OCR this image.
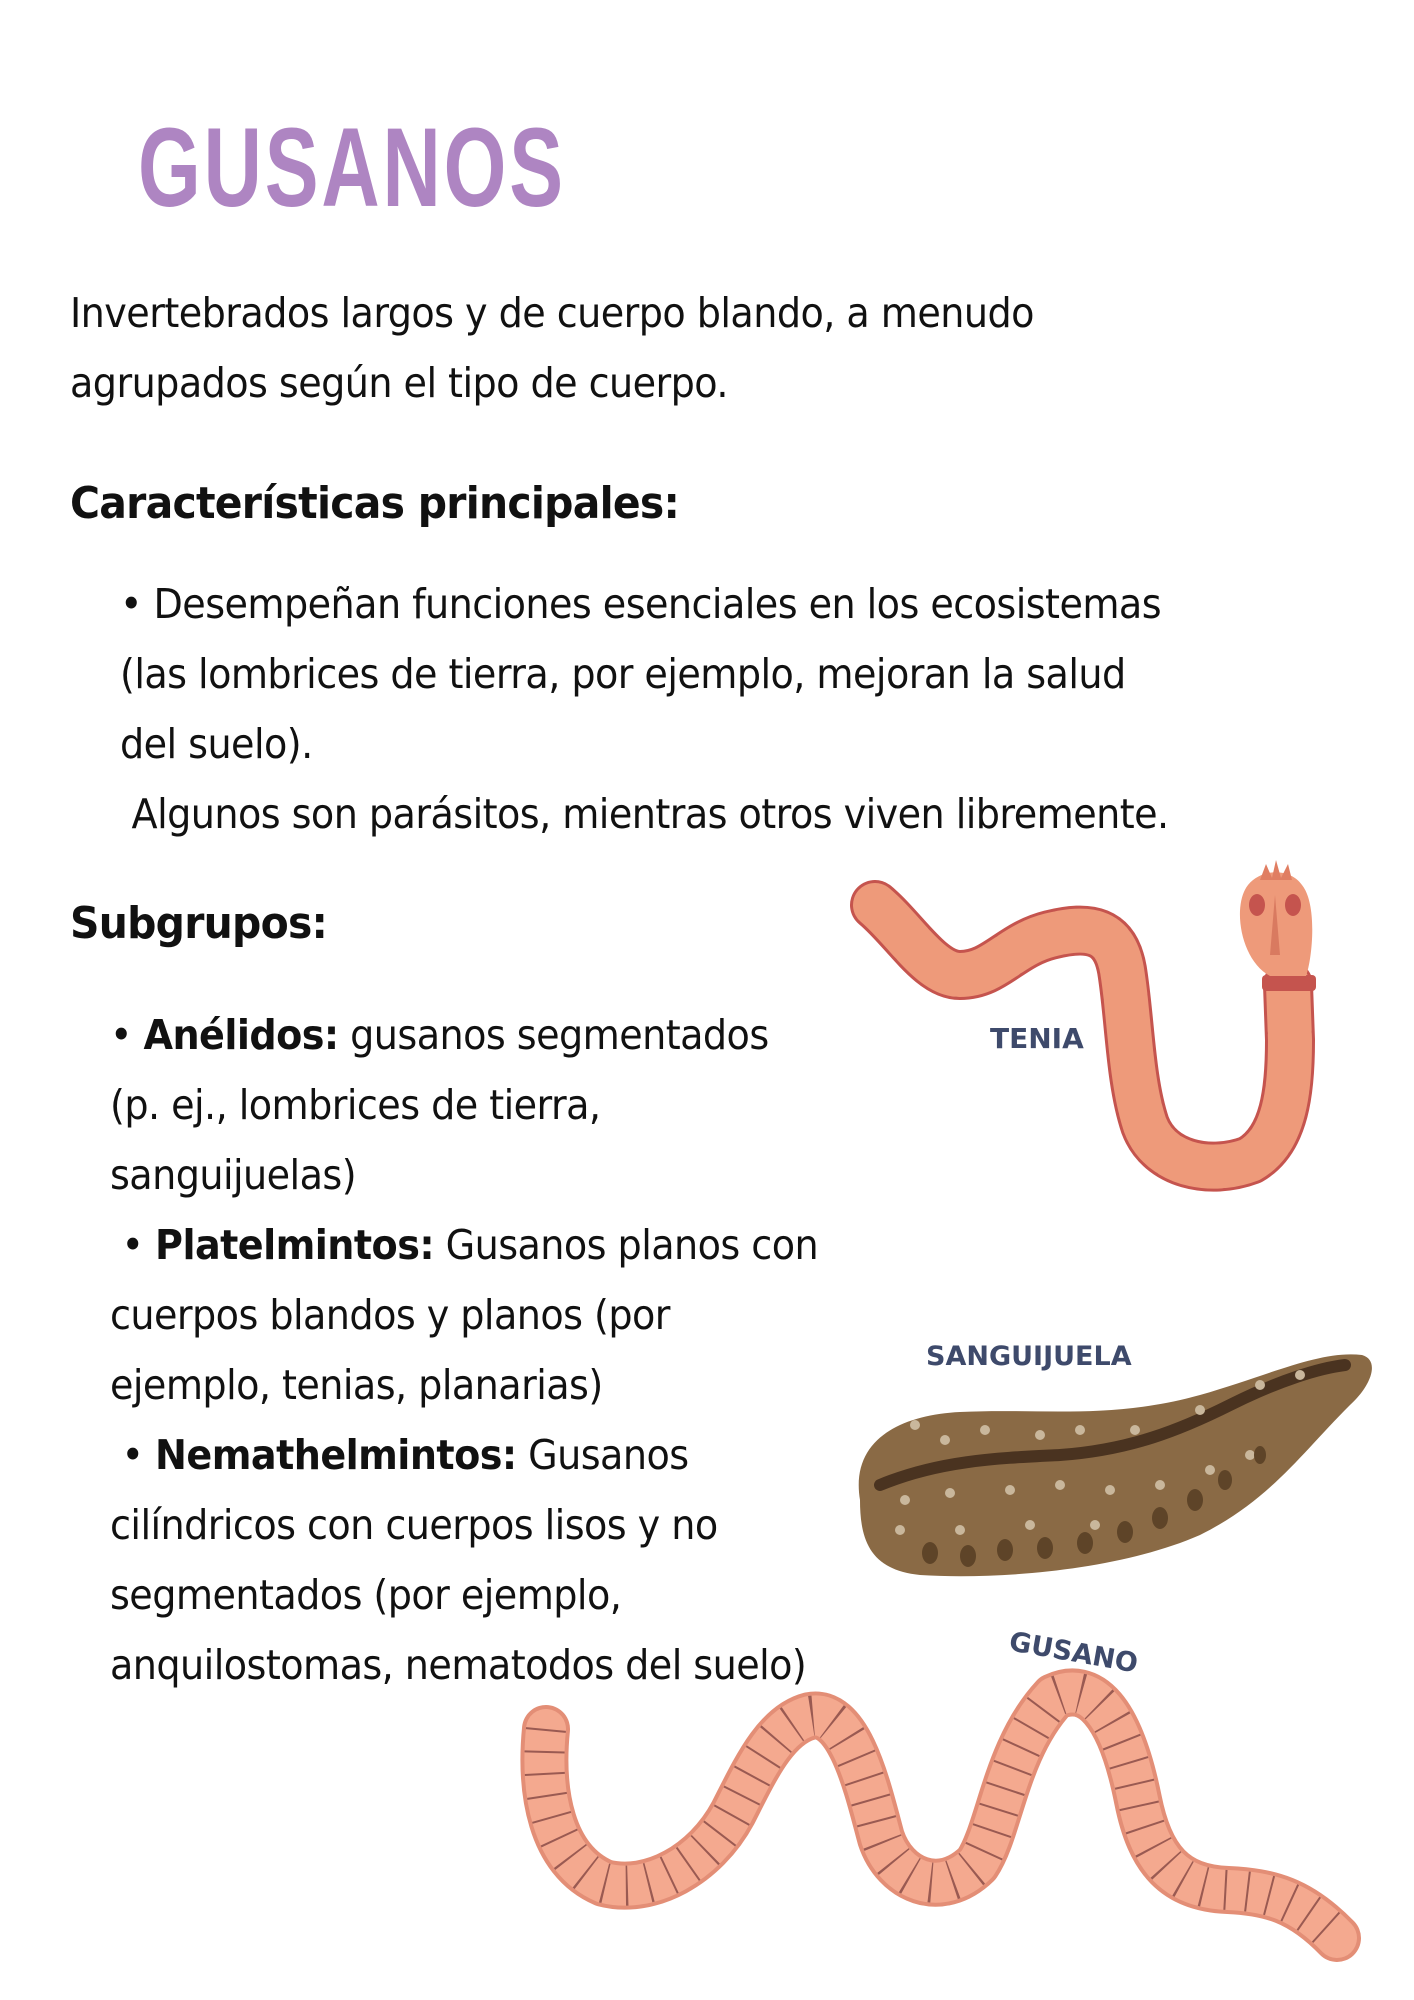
GUSANOS
Invertebrados largos y de cuerpo blando, a menudo
agrupados según el tipo de cuerpo.
Características principales:
• Desempeñan funciones esenciales en los ecosistemas
(las lombrices de tierra, por ejemplo, mejoran la salud
del suelo).
Algunos son parásitos, mientras otros viven libremente.
Subgrupos:
• Anélidos: gusanos segmentados
(p. ej., lombrices de tierra,
sanguijuelas)
• Platelmintos: Gusanos planos con
cuerpos blandos y planos (por
ejemplo, tenias, planarias)
• Nemathelmintos: Gusanos
cilíndricos con cuerpos lisos y no
segmentados (por ejemplo,
anquilostomas, nematodos del suelo)
TENIA
SANGUIJUELA
GUSANO
